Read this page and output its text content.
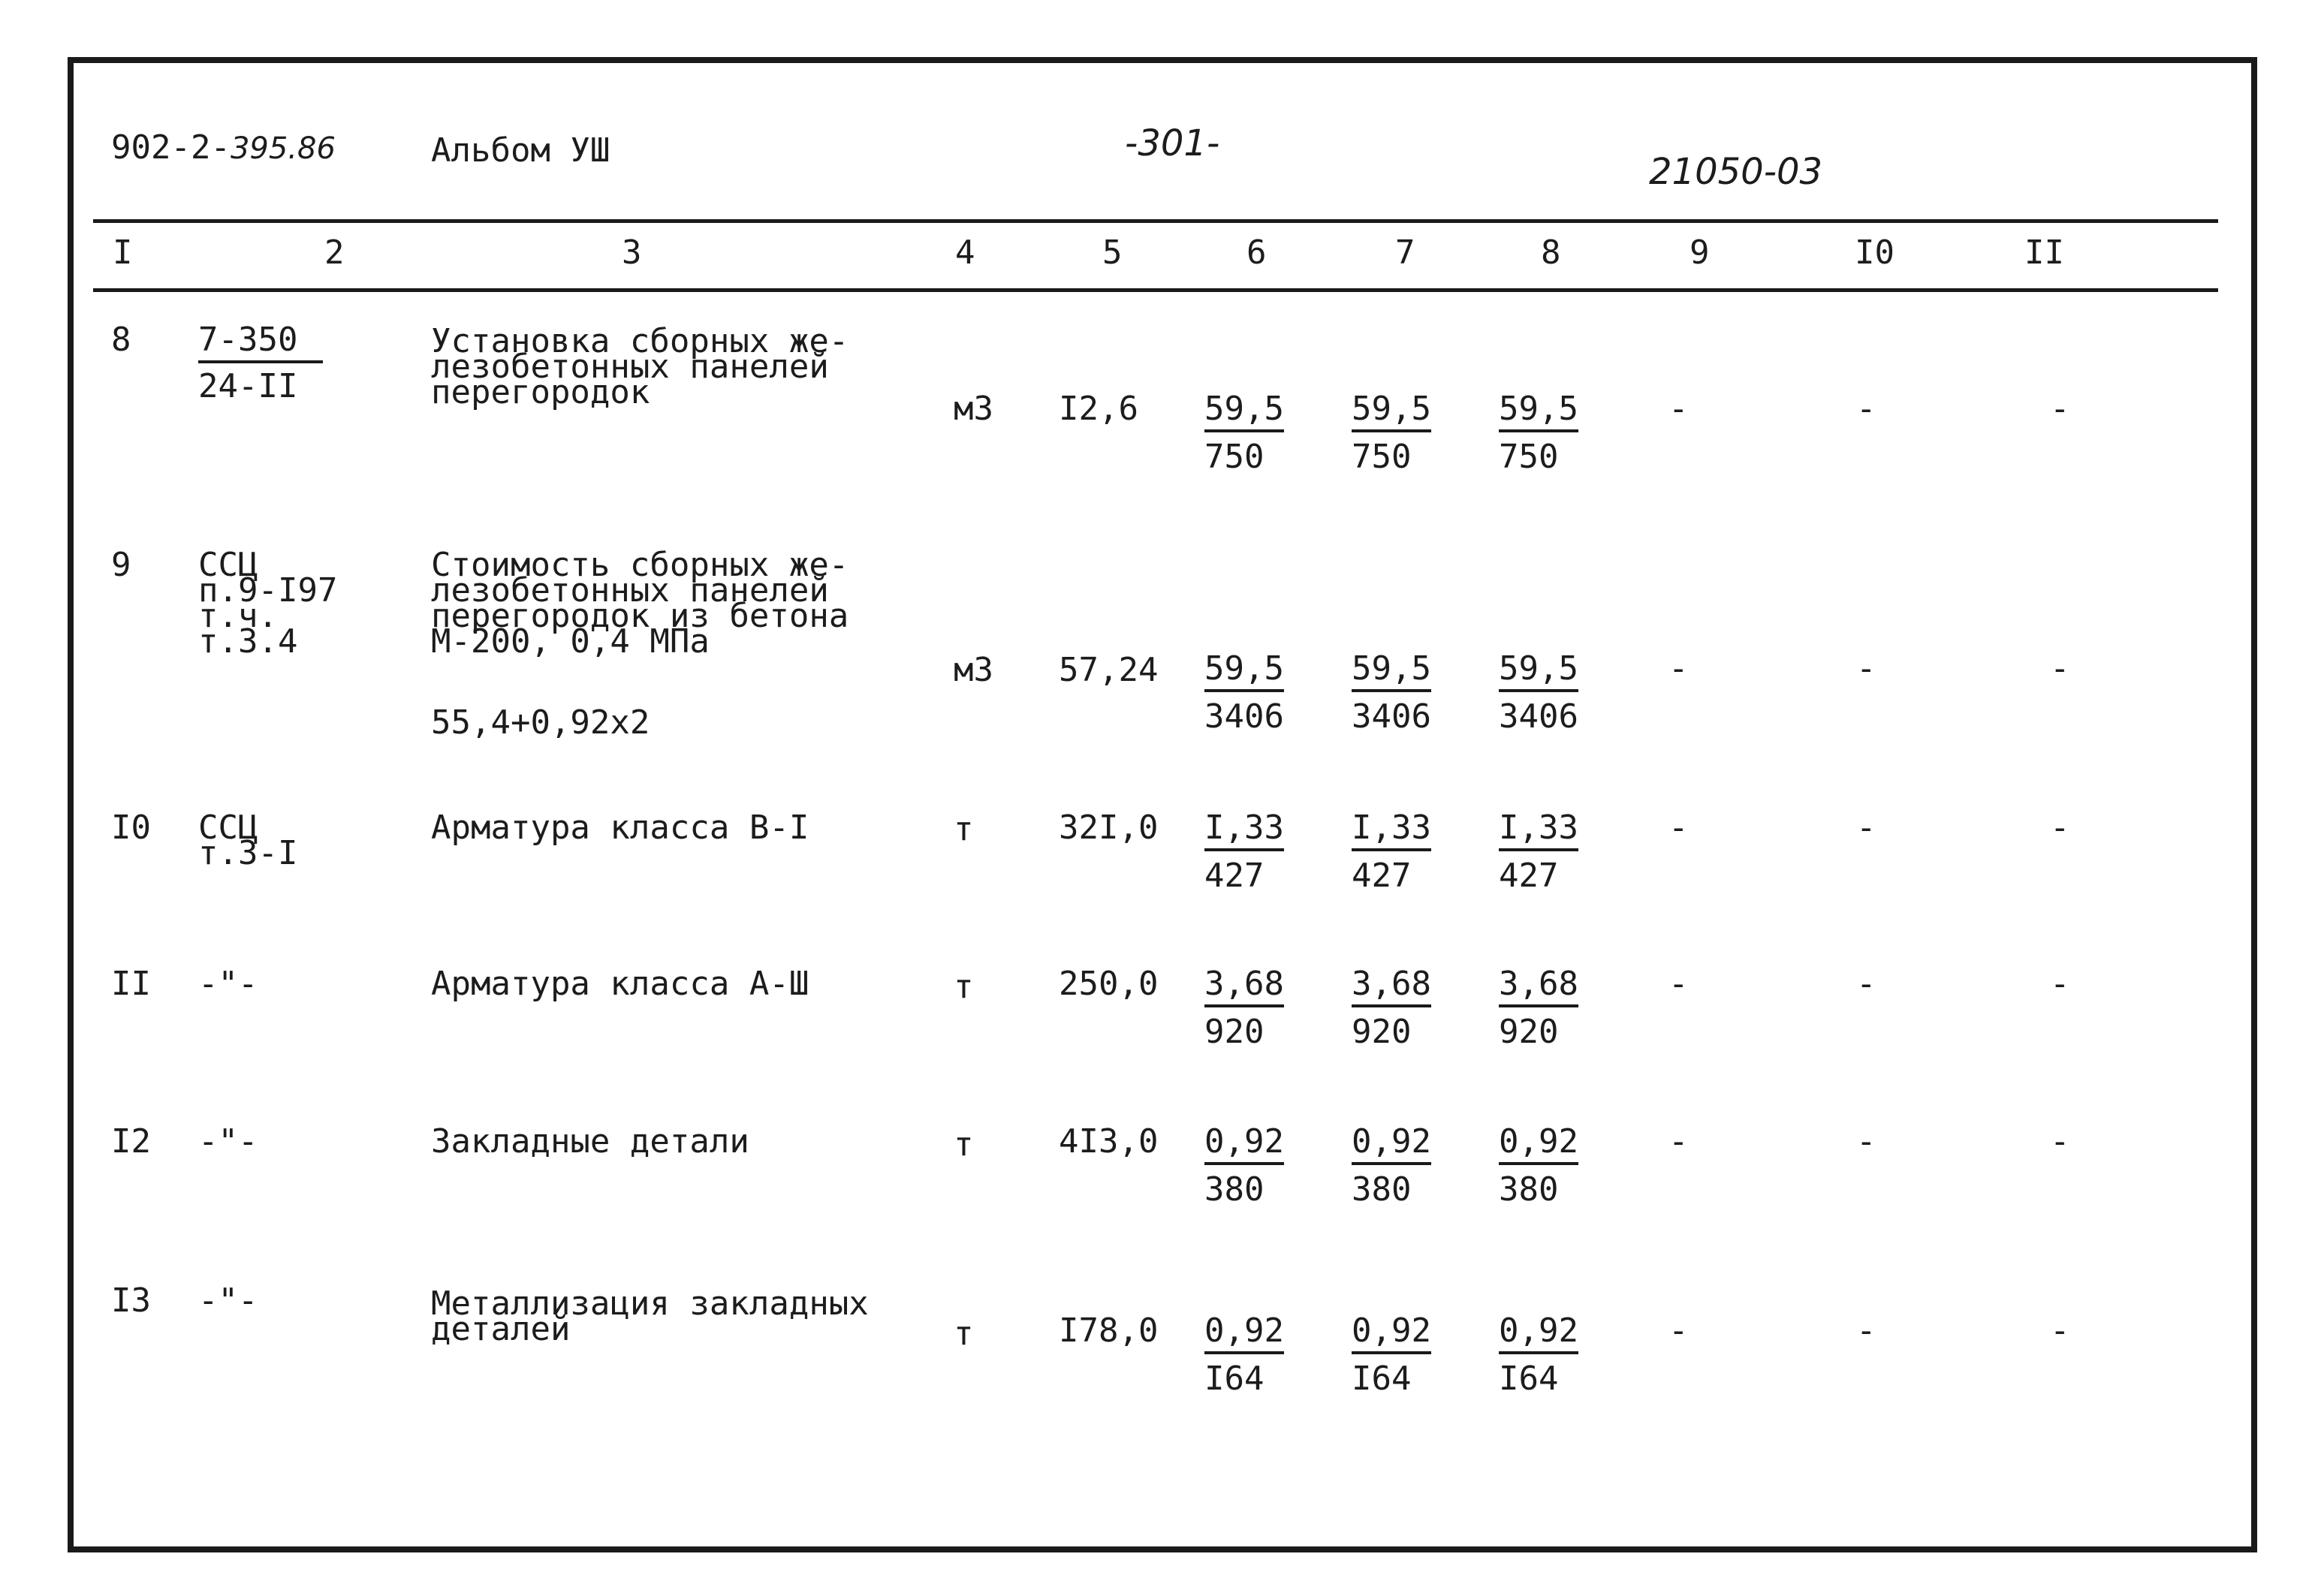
902-2-395.86	Альбом УШ	-301-
21050-03
I	2	3	4	5	6	7	8	9	I0	II
$8 \frac{7-350}{24-II}$	Установка сборных же-
лезобетонных панелей
перегородок	м3 $I2,6 \frac{59,5}{750} \frac{59,5}{750} \frac{59,5}{750}$	-	-	-
9 ССЦ
п.9-I97
т.ч.
т.3.4
Стоимость сборных же-
лезобетонных панелей
перегородок из бетона
М-200, 0,4 МПа
55,4+0,92x2
м3 $57,24 \frac{59,5}{3406} \frac{59,5}{3406} \frac{59,5}{3406}$	-	-	-
I0 ССЦ
т.3-I
Арматура класса В-I	т	$32I,0 \frac{I,33}{427} \frac{I,33}{427} \frac{I,33}{427}$	-	-	-
II -"-	Арматура класса А-Ш	т	$250,0 \frac{3,68}{920} \frac{3,68}{920} \frac{3,68}{920}$	-	-	-
I2 -"-	Закладные детали	т	$4I3,0 \frac{0,92}{380} \frac{0,92}{380} \frac{0,92}{380}$	-	-	-
I3 -"-	Металлизация закладных
деталей	т	$I78,0 \frac{0,92}{I64} \frac{0,92}{I64} \frac{0,92}{I64}$	-	-	-
